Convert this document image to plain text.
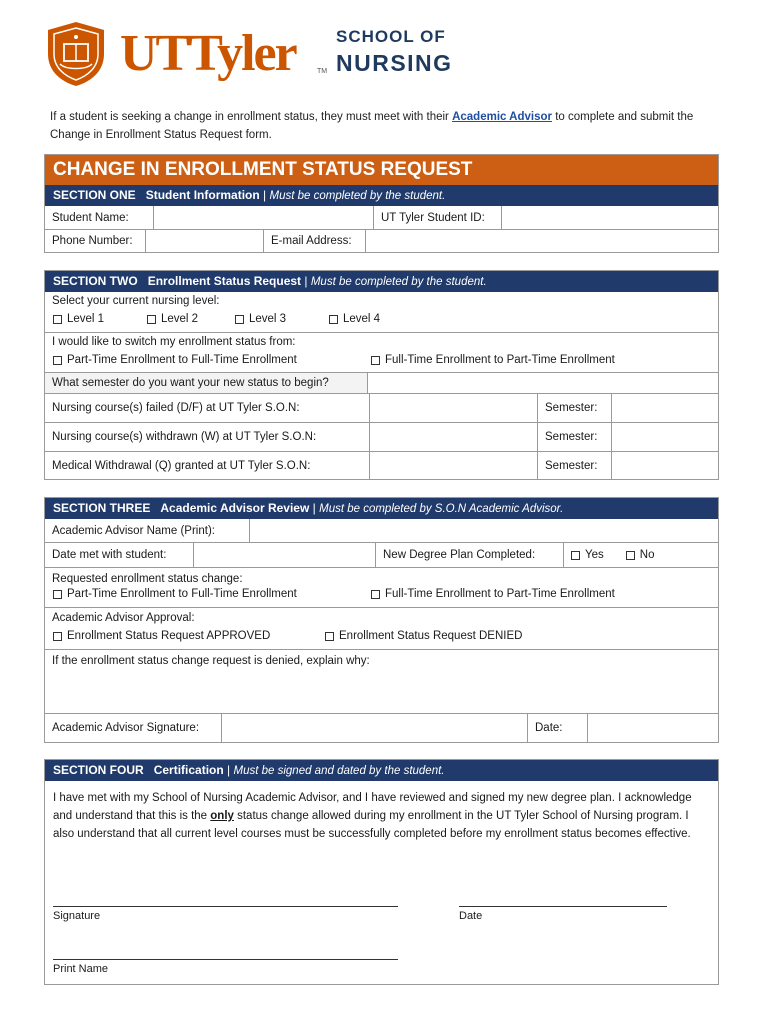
UTTyler	TM
SCHOOL OF
NURSING
If a student is seeking a change in enrollment status, they must meet with their Academic Advisor to complete and submit the Change in Enrollment Status Request form.
CHANGE IN ENROLLMENT STATUS REQUEST
SECTION ONE Student Information | Must be completed by the student.
Student Name:	UT Tyler Student ID:
Phone Number:	E-mail Address:
SECTION TWO Enrollment Status Request | Must be completed by the student.
Select your current nursing level:
Level 1	Level 2	Level 3	Level 4
I would like to switch my enrollment status from:
Part-Time Enrollment to Full-Time Enrollment	Full-Time Enrollment to Part-Time Enrollment
What semester do you want your new status to begin?
Nursing course(s) failed (D/F) at UT Tyler S.O.N:	Semester:
Nursing course(s) withdrawn (W) at UT Tyler S.O.N:	Semester:
Medical Withdrawal (Q) granted at UT Tyler S.O.N:	Semester:
SECTION THREE Academic Advisor Review | Must be completed by S.O.N Academic Advisor.
Academic Advisor Name (Print):
Date met with student:	New Degree Plan Completed:	Yes	No
Requested enrollment status change:
Part-Time Enrollment to Full-Time Enrollment	Full-Time Enrollment to Part-Time Enrollment
Academic Advisor Approval:
Enrollment Status Request APPROVED	Enrollment Status Request DENIED
If the enrollment status change request is denied, explain why:
Academic Advisor Signature:	Date:
SECTION FOUR Certification | Must be signed and dated by the student.
I have met with my School of Nursing Academic Advisor, and I have reviewed and signed my new degree plan. I acknowledge and understand that this is the only status change allowed during my enrollment in the UT Tyler School of Nursing program. I also understand that all current level courses must be successfully completed before my enrollment status becomes effective.
Signature	Date
Print Name
